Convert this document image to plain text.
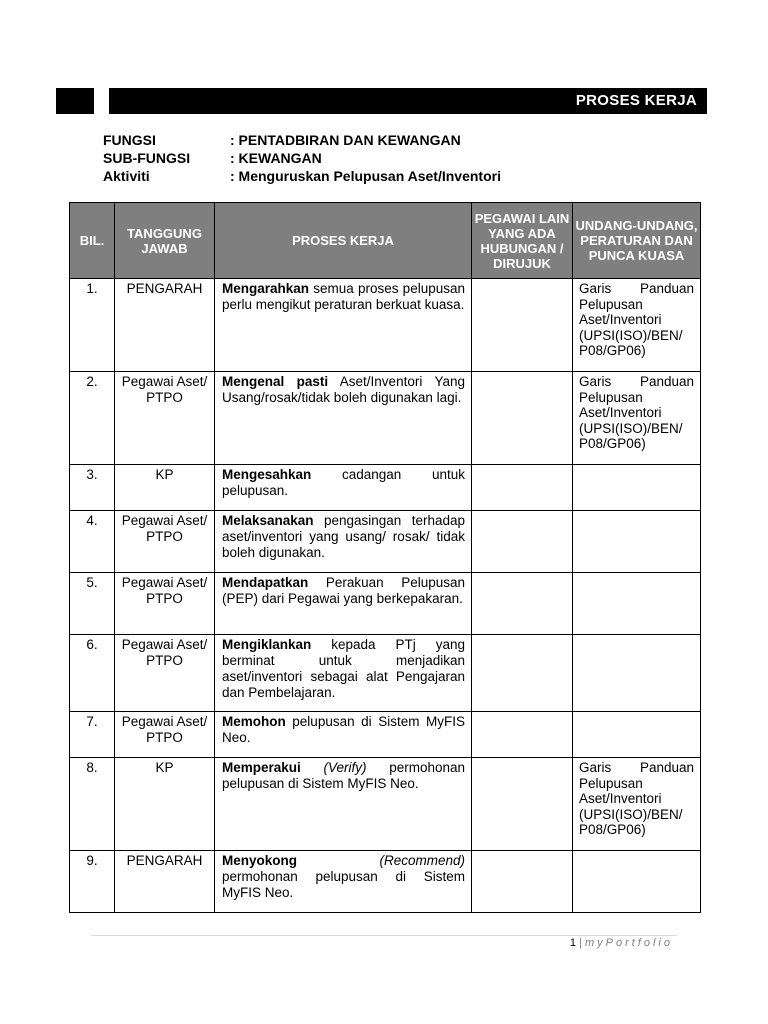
PROSES KERJA
FUNGSI	: PENTADBIRAN DAN KEWANGAN
SUB-FUNGSI	: KEWANGAN
Aktiviti	: Menguruskan Pelupusan Aset/Inventori
BIL.	TANGGUNG JAWAB	PROSES KERJA	PEGAWAI LAIN YANG ADA HUBUNGAN / DIRUJUK	UNDANG-UNDANG, PERATURAN DAN PUNCA KUASA
1.	PENGARAH	Mengarahkan semua proses pelupusan perlu mengikut peraturan berkuat kuasa.		Garis Panduan Pelupusan Aset/Inventori (UPSI(ISO)/BEN/ P08/GP06)
2.	Pegawai Aset/ PTPO	Mengenal pasti Aset/Inventori Yang Usang/rosak/tidak boleh digunakan lagi.		Garis Panduan Pelupusan Aset/Inventori (UPSI(ISO)/BEN/ P08/GP06)
3.	KP	Mengesahkan cadangan untuk pelupusan.		
4.	Pegawai Aset/ PTPO	Melaksanakan pengasingan terhadap aset/inventori yang usang/ rosak/ tidak boleh digunakan.		
5.	Pegawai Aset/ PTPO	Mendapatkan Perakuan Pelupusan (PEP) dari Pegawai yang berkepakaran.		
6.	Pegawai Aset/ PTPO	Mengiklankan kepada PTj yang berminat untuk menjadikan aset/inventori sebagai alat Pengajaran dan Pembelajaran.		
7.	Pegawai Aset/ PTPO	Memohon pelupusan di Sistem MyFIS Neo.		
8.	KP	Memperakui (Verify) permohonan pelupusan di Sistem MyFIS Neo.		Garis Panduan Pelupusan Aset/Inventori (UPSI(ISO)/BEN/ P08/GP06)
9.	PENGARAH	Menyokong (Recommend) permohonan pelupusan di Sistem MyFIS Neo.		
1 | myPortfolio
